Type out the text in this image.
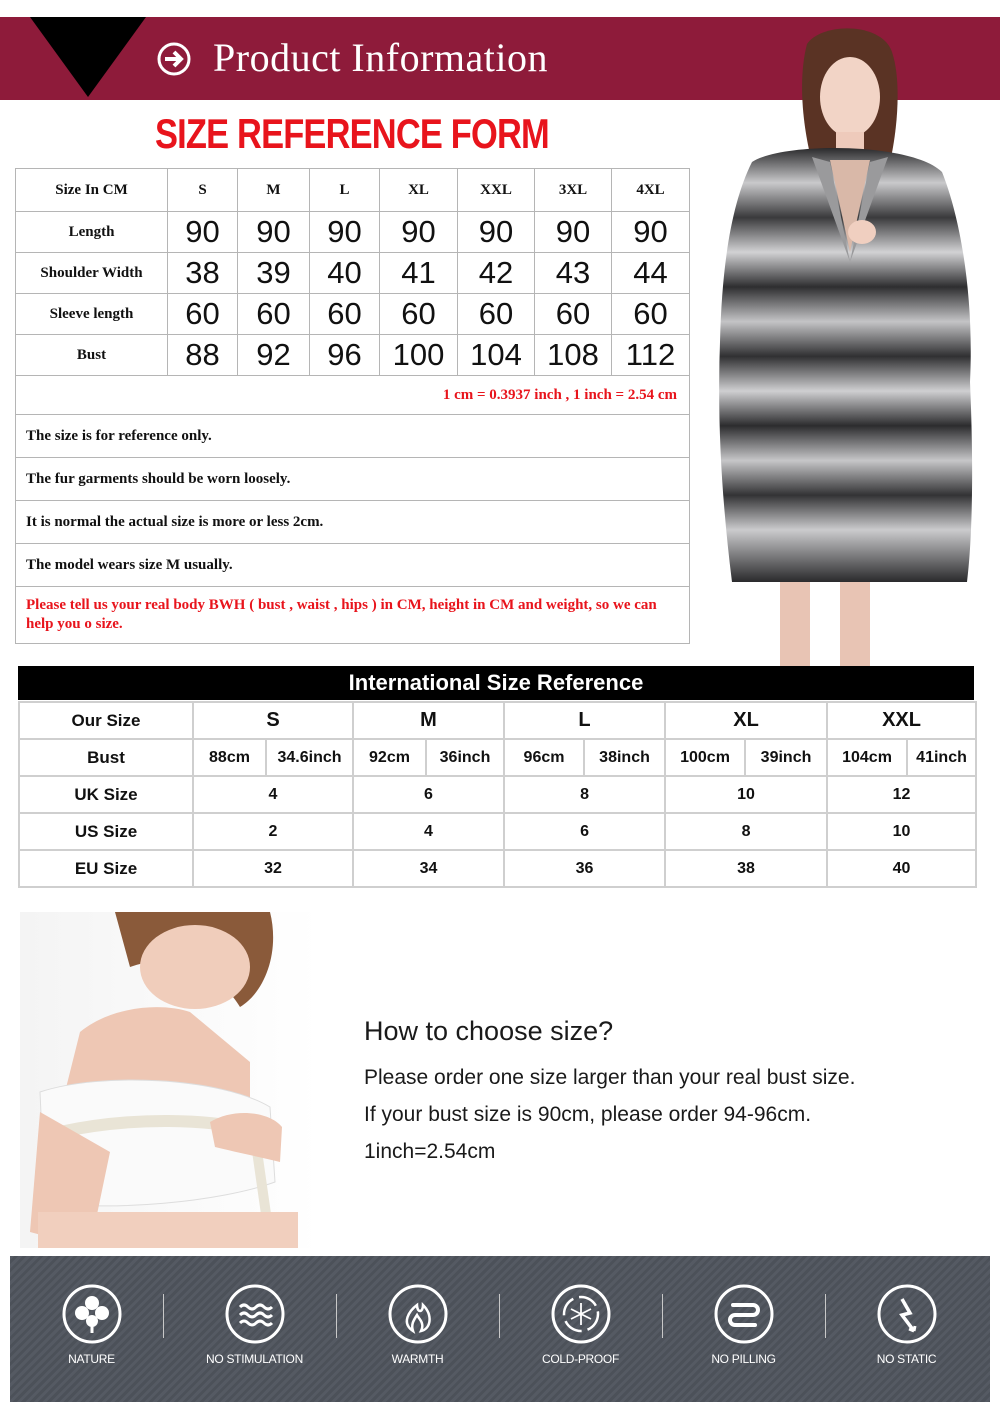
Product Information
SIZE REFERENCE FORM
Size In CM	S	M	L	XL	XXL	3XL	4XL
Length	90	90	90	90	90	90	90
Shoulder Width	38	39	40	41	42	43	44
Sleeve length	60	60	60	60	60	60	60
Bust	88	92	96	100	104	108	112
1 cm = 0.3937 inch , 1 inch = 2.54 cm							
The size is for reference only.							
The fur garments should be worn loosely.							
It is normal the actual size is more or less 2cm.							
The model wears size M usually.							
Please tell us your real body BWH ( bust , waist , hips ) in CM, height in CM and weight, so we can help you o size.							
International Size Reference
Our Size	S		M		L		XL		XXL	
Bust	88cm	34.6inch	92cm	36inch	96cm	38inch	100cm	39inch	104cm	41inch
UK Size	4		6		8		10		12	
US Size	2		4		6		8		10	
EU Size	32		34		36		38		40	
How to choose size?
Please order one size larger than your real bust size.
If your bust size is 90cm, please order 94-96cm.
1inch=2.54cm
NATURE	NO STIMULATION	WARMTH	COLD-PROOF	NO PILLING	NO STATIC
